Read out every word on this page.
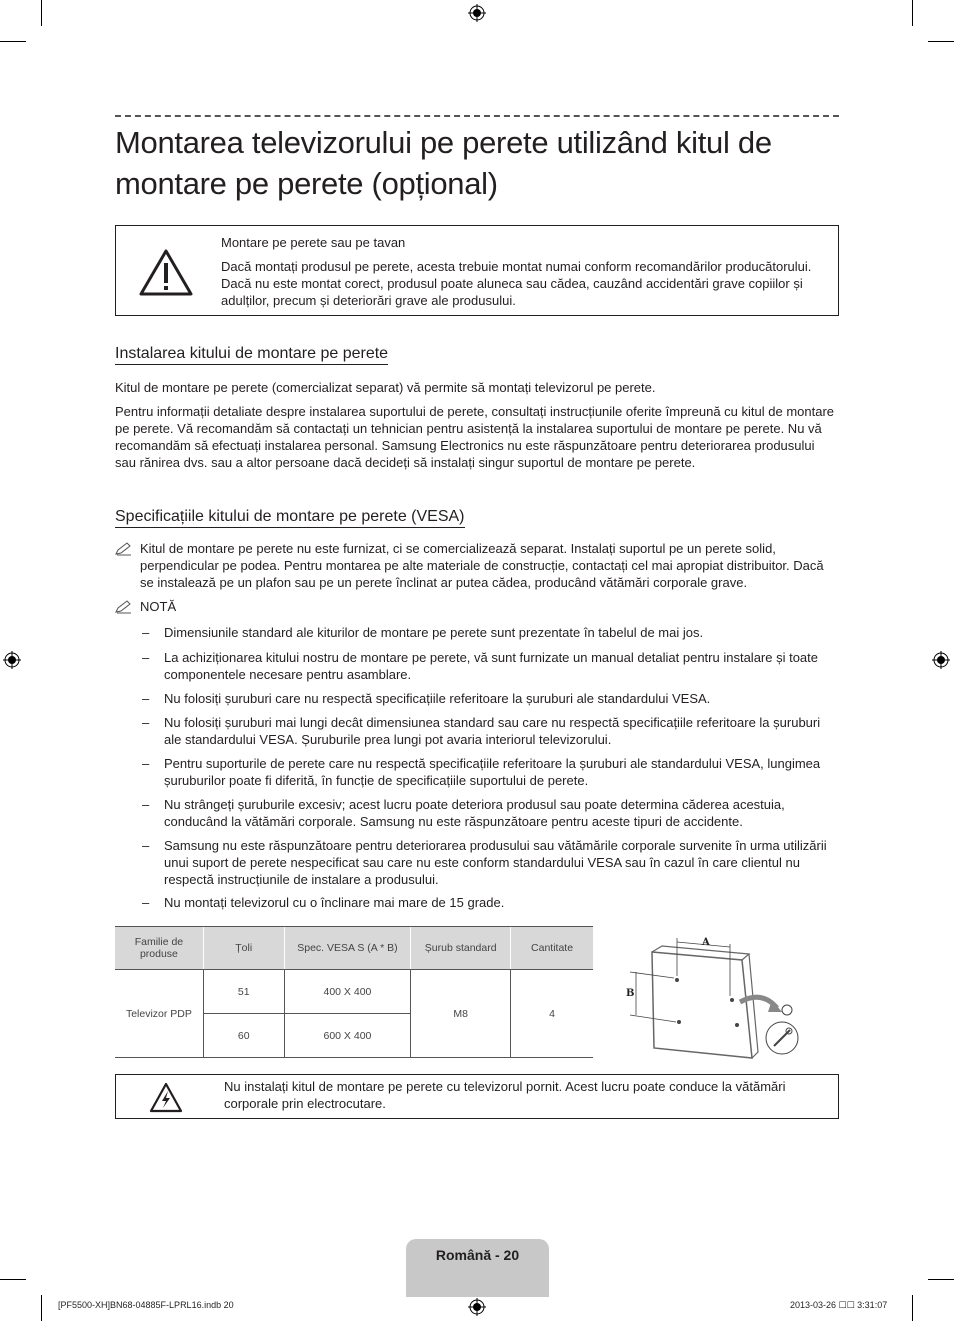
Montarea televizorului pe perete utilizând kitul de montare pe perete (opțional)

Montare pe perete sau pe tavan

Dacă montați produsul pe perete, acesta trebuie montat numai conform recomandărilor producătorului. Dacă nu este montat corect, produsul poate aluneca sau cădea, cauzând accidentări grave copiilor și adulților, precum și deteriorări grave ale produsului.

Instalarea kitului de montare pe perete

Kitul de montare pe perete (comercializat separat) vă permite să montați televizorul pe perete.

Pentru informații detaliate despre instalarea suportului de perete, consultați instrucțiunile oferite împreună cu kitul de montare pe perete. Vă recomandăm să contactați un tehnician pentru asistență la instalarea suportului de montare pe perete. Nu vă recomandăm să efectuați instalarea personal. Samsung Electronics nu este răspunzătoare pentru deteriorarea produsului sau rănirea dvs. sau a altor persoane dacă decideți să instalați singur suportul de montare pe perete.

Specificațiile kitului de montare pe perete (VESA)

Kitul de montare pe perete nu este furnizat, ci se comercializează separat. Instalați suportul pe un perete solid, perpendicular pe podea. Pentru montarea pe alte materiale de construcție, contactați cel mai apropiat distribuitor. Dacă se instalează pe un plafon sau pe un perete înclinat ar putea cădea, producând vătămări corporale grave.

NOTĂ

– Dimensiunile standard ale kiturilor de montare pe perete sunt prezentate în tabelul de mai jos.
– La achiziționarea kitului nostru de montare pe perete, vă sunt furnizate un manual detaliat pentru instalare și toate componentele necesare pentru asamblare.
– Nu folosiți șuruburi care nu respectă specificațiile referitoare la șuruburi ale standardului VESA.
– Nu folosiți șuruburi mai lungi decât dimensiunea standard sau care nu respectă specificațiile referitoare la șuruburi ale standardului VESA. Șuruburile prea lungi pot avaria interiorul televizorului.
– Pentru suporturile de perete care nu respectă specificațiile referitoare la șuruburi ale standardului VESA, lungimea șuruburilor poate fi diferită, în funcție de specificațiile suportului de perete.
– Nu strângeți șuruburile excesiv; acest lucru poate deteriora produsul sau poate determina căderea acestuia, conducând la vătămări corporale. Samsung nu este răspunzătoare pentru aceste tipuri de accidente.
– Samsung nu este răspunzătoare pentru deteriorarea produsului sau vătămările corporale survenite în urma utilizării unui suport de perete nespecificat sau care nu este conform standardului VESA sau în cazul în care clientul nu respectă instrucțiunile de instalare a produsului.
– Nu montați televizorul cu o înclinare mai mare de 15 grade.
Familie de produse	Țoli	Spec. VESA S (A * B)	Șurub standard	Cantitate
Televizor PDP	51	400 X 400	M8	4
	60	600 X 400		
A
B

Nu instalați kitul de montare pe perete cu televizorul pornit. Acest lucru poate conduce la vătămări corporale prin electrocutare.

Română - 20
[PF5500-XH]BN68-04885F-LPRL16.indb 20	2013-03-26 ☐☐ 3:31:07
